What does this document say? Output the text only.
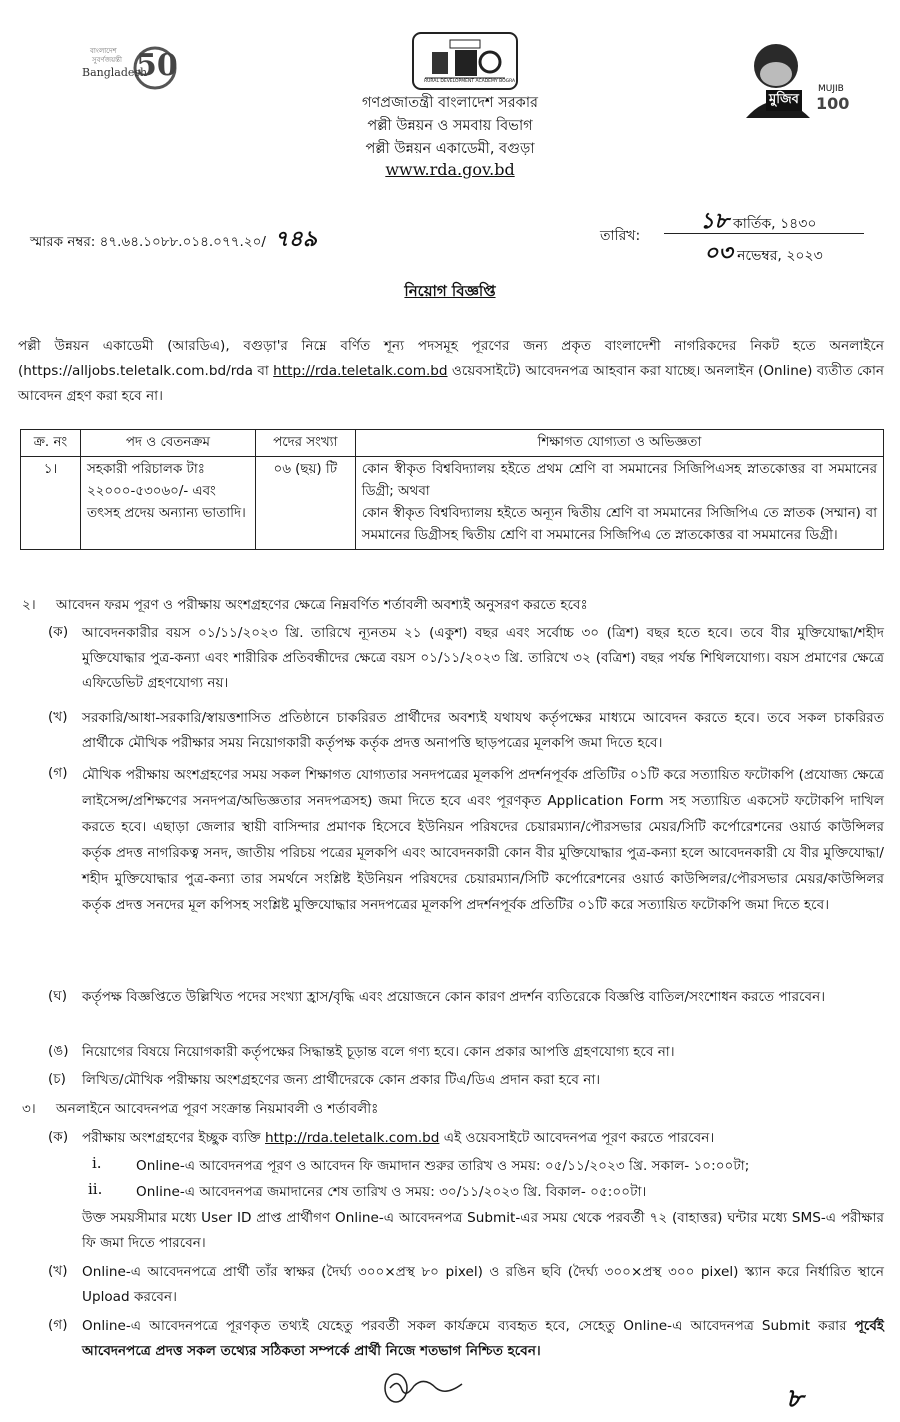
বাংলাদেশ
সুবর্ণজয়ন্তী
Bangladesh
50	RURAL DEVELOPMENT ACADEMY BOGRA
মুজিব
MUJIB
100
গণপ্রজাতন্ত্রী বাংলাদেশ সরকার
পল্লী উন্নয়ন ও সমবায় বিভাগ
পল্লী উন্নয়ন একাডেমী, বগুড়া
www.rda.gov.bd
স্মারক নম্বর: ৪৭.৬৪.১০৮৮.০১৪.০৭৭.২০/ ৭৪৯	তারিখ:
১৮ কার্তিক, ১৪৩০
০৩ নভেম্বর, ২০২৩
নিয়োগ বিজ্ঞপ্তি
পল্লী উন্নয়ন একাডেমী (আরডিএ), বগুড়া'র নিম্নে বর্ণিত শূন্য পদসমূহ পূরণের জন্য প্রকৃত বাংলাদেশী নাগরিকদের নিকট হতে অনলাইনে (https://alljobs.teletalk.com.bd/rda বা http://rda.teletalk.com.bd ওয়েবসাইটে) আবেদনপত্র আহবান করা যাচ্ছে। অনলাইন (Online) ব্যতীত কোন আবেদন গ্রহণ করা হবে না।
ক্র. নং	পদ ও বেতনক্রম	পদের সংখ্যা	শিক্ষাগত যোগ্যতা ও অভিজ্ঞতা
১।	সহকারী পরিচালক টাঃ ২২০০০-৫৩০৬০/- এবং তৎসহ প্রদেয় অন্যান্য ভাতাদি।	০৬ (ছয়) টি	কোন স্বীকৃত বিশ্ববিদ্যালয় হইতে প্রথম শ্রেণি বা সমমানের সিজিপিএসহ স্নাতকোত্তর বা সমমানের ডিগ্রী; অথবা
কোন স্বীকৃত বিশ্ববিদ্যালয় হইতে অন্যূন দ্বিতীয় শ্রেণি বা সমমানের সিজিপিএ তে স্নাতক (সম্মান) বা সমমানের ডিগ্রীসহ দ্বিতীয় শ্রেণি বা সমমানের সিজিপিএ তে স্নাতকোত্তর বা সমমানের ডিগ্রী।
২। আবেদন ফরম পূরণ ও পরীক্ষায় অংশগ্রহণের ক্ষেত্রে নিম্নবর্ণিত শর্তাবলী অবশ্যই অনুসরণ করতে হবেঃ
(ক) আবেদনকারীর বয়স ০১/১১/২০২৩ খ্রি. তারিখে ন্যূনতম ২১ (একুশ) বছর এবং সর্বোচ্চ ৩০ (ত্রিশ) বছর হতে হবে। তবে বীর মুক্তিযোদ্ধা/শহীদ মুক্তিযোদ্ধার পুত্র-কন্যা এবং শারীরিক প্রতিবন্ধীদের ক্ষেত্রে বয়স ০১/১১/২০২৩ খ্রি. তারিখে ৩২ (বত্রিশ) বছর পর্যন্ত শিথিলযোগ্য। বয়স প্রমাণের ক্ষেত্রে এফিডেভিট গ্রহণযোগ্য নয়।
(খ) সরকারি/আধা-সরকারি/স্বায়ত্তশাসিত প্রতিষ্ঠানে চাকরিরত প্রার্থীদের অবশ্যই যথাযথ কর্তৃপক্ষের মাধ্যমে আবেদন করতে হবে। তবে সকল চাকরিরত প্রার্থীকে মৌখিক পরীক্ষার সময় নিয়োগকারী কর্তৃপক্ষ কর্তৃক প্রদত্ত অনাপত্তি ছাড়পত্রের মূলকপি জমা দিতে হবে।
(গ) মৌখিক পরীক্ষায় অংশগ্রহণের সময় সকল শিক্ষাগত যোগ্যতার সনদপত্রের মূলকপি প্রদর্শনপূর্বক প্রতিটির ০১টি করে সত্যায়িত ফটোকপি (প্রযোজ্য ক্ষেত্রে লাইসেন্স/প্রশিক্ষণের সনদপত্র/অভিজ্ঞতার সনদপত্রসহ) জমা দিতে হবে এবং পূরণকৃত Application Form সহ সত্যায়িত একসেট ফটোকপি দাখিল করতে হবে। এছাড়া জেলার স্থায়ী বাসিন্দার প্রমাণক হিসেবে ইউনিয়ন পরিষদের চেয়ারম্যান/পৌরসভার মেয়র/সিটি কর্পোরেশনের ওয়ার্ড কাউন্সিলর কর্তৃক প্রদত্ত নাগরিকত্ব সনদ, জাতীয় পরিচয় পত্রের মূলকপি এবং আবেদনকারী কোন বীর মুক্তিযোদ্ধার পুত্র-কন্যা হলে আবেদনকারী যে বীর মুক্তিযোদ্ধা/শহীদ মুক্তিযোদ্ধার পুত্র-কন্যা তার সমর্থনে সংশ্লিষ্ট ইউনিয়ন পরিষদের চেয়ারম্যান/সিটি কর্পোরেশনের ওয়ার্ড কাউন্সিলর/পৌরসভার মেয়র/কাউন্সিলর কর্তৃক প্রদত্ত সনদের মূল কপিসহ সংশ্লিষ্ট মুক্তিযোদ্ধার সনদপত্রের মূলকপি প্রদর্শনপূর্বক প্রতিটির ০১টি করে সত্যায়িত ফটোকপি জমা দিতে হবে।
(ঘ) কর্তৃপক্ষ বিজ্ঞপ্তিতে উল্লিখিত পদের সংখ্যা হ্রাস/বৃদ্ধি এবং প্রয়োজনে কোন কারণ প্রদর্শন ব্যতিরেকে বিজ্ঞপ্তি বাতিল/সংশোধন করতে পারবেন।
(ঙ) নিয়োগের বিষয়ে নিয়োগকারী কর্তৃপক্ষের সিদ্ধান্তই চূড়ান্ত বলে গণ্য হবে। কোন প্রকার আপত্তি গ্রহণযোগ্য হবে না।
(চ) লিখিত/মৌখিক পরীক্ষায় অংশগ্রহণের জন্য প্রার্থীদেরকে কোন প্রকার টিএ/ডিএ প্রদান করা হবে না।
৩। অনলাইনে আবেদনপত্র পূরণ সংক্রান্ত নিয়মাবলী ও শর্তাবলীঃ
(ক) পরীক্ষায় অংশগ্রহণের ইচ্ছুক ব্যক্তি http://rda.teletalk.com.bd এই ওয়েবসাইটে আবেদনপত্র পূরণ করতে পারবেন।
i.	Online-এ আবেদনপত্র পূরণ ও আবেদন ফি জমাদান শুরুর তারিখ ও সময়: ০৫/১১/২০২৩ খ্রি. সকাল- ১০:০০টা;
ii. Online-এ আবেদনপত্র জমাদানের শেষ তারিখ ও সময়: ৩০/১১/২০২৩ খ্রি. বিকাল- ০৫:০০টা।
উক্ত সময়সীমার মধ্যে User ID প্রাপ্ত প্রার্থীগণ Online-এ আবেদনপত্র Submit-এর সময় থেকে পরবর্তী ৭২ (বাহাত্তর) ঘন্টার মধ্যে SMS-এ পরীক্ষার ফি জমা দিতে পারবেন।
(খ) Online-এ আবেদনপত্রে প্রার্থী তাঁর স্বাক্ষর (দৈর্ঘ্য ৩০০×প্রস্থ ৮০ pixel) ও রঙিন ছবি (দৈর্ঘ্য ৩০০×প্রস্থ ৩০০ pixel) স্ক্যান করে নির্ধারিত স্থানে Upload করবেন।
(গ) Online-এ আবেদনপত্রে পূরণকৃত তথ্যই যেহেতু পরবর্তী সকল কার্যক্রমে ব্যবহৃত হবে, সেহেতু Online-এ আবেদনপত্র Submit করার পূর্বেই আবেদনপত্রে প্রদত্ত সকল তথ্যের সঠিকতা সম্পর্কে প্রার্থী নিজে শতভাগ নিশ্চিত হবেন।
৮
